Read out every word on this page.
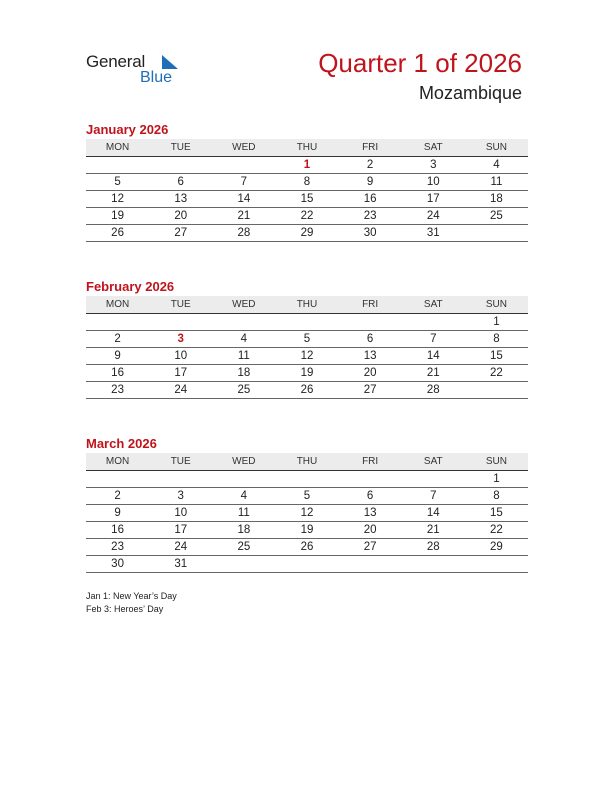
General
Blue	Quarter 1 of 2026
Mozambique
January 2026
MON	TUE	WED	THU	FRI	SAT	SUN
			1	2	3	4
5	6	7	8	9	10	11
12	13	14	15	16	17	18
19	20	21	22	23	24	25
26	27	28	29	30	31	
February 2026
MON	TUE	WED	THU	FRI	SAT	SUN
						1
2	3	4	5	6	7	8
9	10	11	12	13	14	15
16	17	18	19	20	21	22
23	24	25	26	27	28	
March 2026
MON	TUE	WED	THU	FRI	SAT	SUN
						1
2	3	4	5	6	7	8
9	10	11	12	13	14	15
16	17	18	19	20	21	22
23	24	25	26	27	28	29
30	31					
Jan 1: New Year’s Day
Feb 3: Heroes’ Day
